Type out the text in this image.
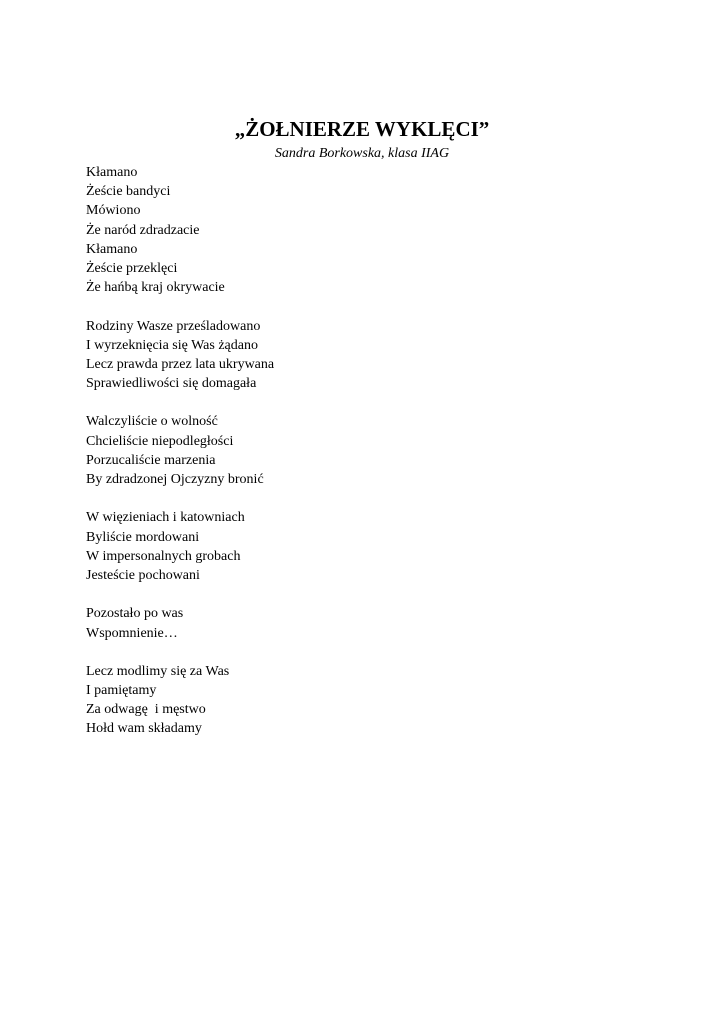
„ŻOŁNIERZE WYKLĘCI”
Sandra Borkowska, klasa IIAG
Kłamano
Żeście bandyci
Mówiono
Że naród zdradzacie
Kłamano
Żeście przeklęci
Że hańbą kraj okrywacie
Rodziny Wasze prześladowano
I wyrzeknięcia się Was żądano
Lecz prawda przez lata ukrywana
Sprawiedliwości się domagała
Walczyliście o wolność
Chcieliście niepodległości
Porzucaliście marzenia
By zdradzonej Ojczyzny bronić
W więzieniach i katowniach
Byliście mordowani
W impersonalnych grobach
Jesteście pochowani
Pozostało po was
Wspomnienie…
Lecz modlimy się za Was
I pamiętamy
Za odwagę  i męstwo
Hołd wam składamy
